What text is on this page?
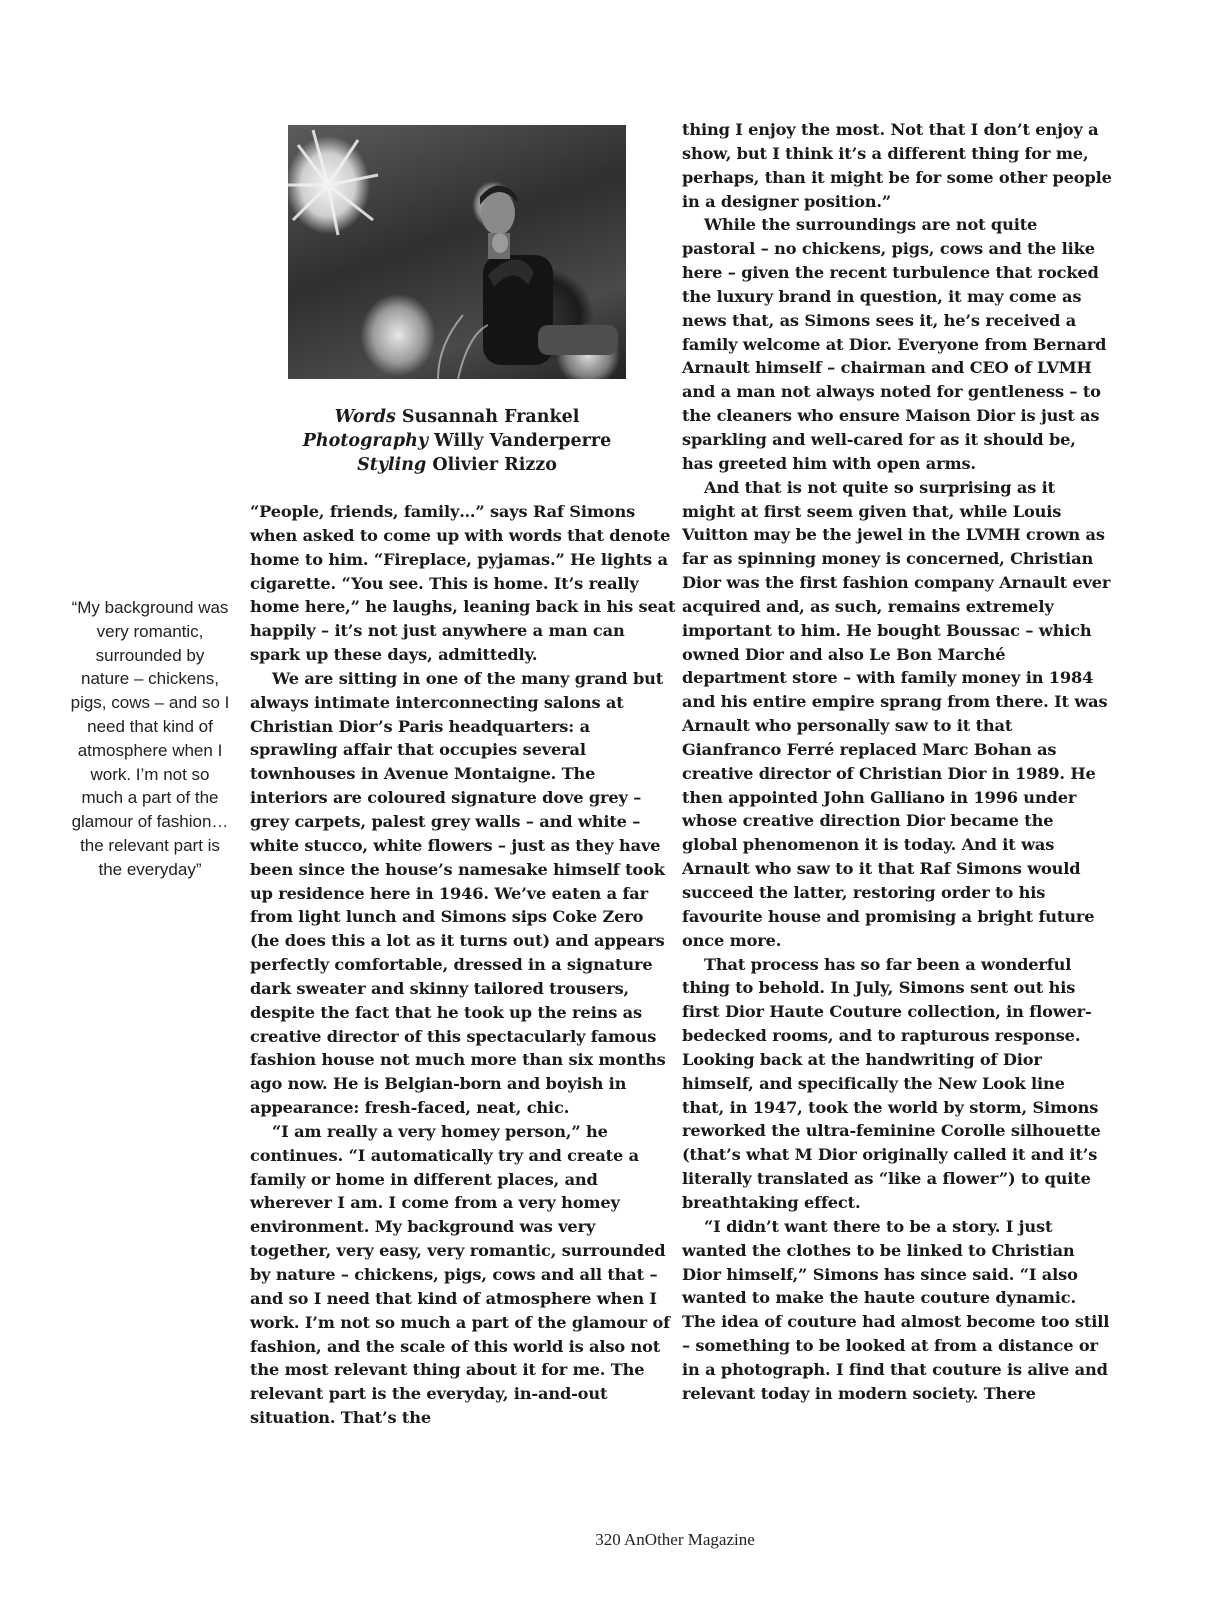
Words Susannah Frankel
Photography Willy Vanderperre
Styling Olivier Rizzo
“My background was very romantic, surrounded by nature – chickens, pigs, cows – and so I need that kind of atmosphere when I work. I’m not so much a part of the glamour of fashion… the relevant part is the everyday”

“People, friends, family…” says Raf Simons when asked to come up with words that denote home to him. “Fireplace, pyjamas.” He lights a cigarette. “You see. This is home. It’s really home here,” he laughs, leaning back in his seat happily – it’s not just anywhere a man can spark up these days, admittedly.

We are sitting in one of the many grand but always intimate interconnecting salons at Christian Dior’s Paris headquarters: a sprawling affair that occupies several townhouses in Avenue Montaigne. The interiors are coloured signature dove grey – grey carpets, palest grey walls – and white – white stucco, white flowers – just as they have been since the house’s namesake himself took up residence here in 1946. We’ve eaten a far from light lunch and Simons sips Coke Zero (he does this a lot as it turns out) and appears perfectly comfortable, dressed in a signature dark sweater and skinny tailored trousers, despite the fact that he took up the reins as creative director of this spectacularly famous fashion house not much more than six months ago now. He is Belgian-born and boyish in appearance: fresh-faced, neat, chic.

“I am really a very homey person,” he continues. “I automatically try and create a family or home in different places, and wherever I am. I come from a very homey environment. My background was very together, very easy, very romantic, surrounded by nature – chickens, pigs, cows and all that – and so I need that kind of atmosphere when I work. I’m not so much a part of the glamour of fashion, and the scale of this world is also not the most relevant thing about it for me. The relevant part is the everyday, in-and-out situation. That’s the

thing I enjoy the most. Not that I don’t enjoy a show, but I think it’s a different thing for me, perhaps, than it might be for some other people in a designer position.”

While the surroundings are not quite pastoral – no chickens, pigs, cows and the like here – given the recent turbulence that rocked the luxury brand in question, it may come as news that, as Simons sees it, he’s received a family welcome at Dior. Everyone from Bernard Arnault himself – chairman and CEO of LVMH and a man not always noted for gentleness – to the cleaners who ensure Maison Dior is just as sparkling and well-cared for as it should be, has greeted him with open arms.

And that is not quite so surprising as it might at first seem given that, while Louis Vuitton may be the jewel in the LVMH crown as far as spinning money is concerned, Christian Dior was the first fashion company Arnault ever acquired and, as such, remains extremely important to him. He bought Boussac – which owned Dior and also Le Bon Marché department store – with family money in 1984 and his entire empire sprang from there. It was Arnault who personally saw to it that Gianfranco Ferré replaced Marc Bohan as creative director of Christian Dior in 1989. He then appointed John Galliano in 1996 under whose creative direction Dior became the global phenomenon it is today. And it was Arnault who saw to it that Raf Simons would succeed the latter, restoring order to his favourite house and promising a bright future once more.

That process has so far been a wonderful thing to behold. In July, Simons sent out his first Dior Haute Couture collection, in flower-bedecked rooms, and to rapturous response. Looking back at the handwriting of Dior himself, and specifically the New Look line that, in 1947, took the world by storm, Simons reworked the ultra-feminine Corolle silhouette (that’s what M Dior originally called it and it’s literally translated as “like a flower”) to quite breathtaking effect.

“I didn’t want there to be a story. I just wanted the clothes to be linked to Christian Dior himself,” Simons has since said. “I also wanted to make the haute couture dynamic. The idea of couture had almost become too still – something to be looked at from a distance or in a photograph. I find that couture is alive and relevant today in modern society. There

320 AnOther Magazine
